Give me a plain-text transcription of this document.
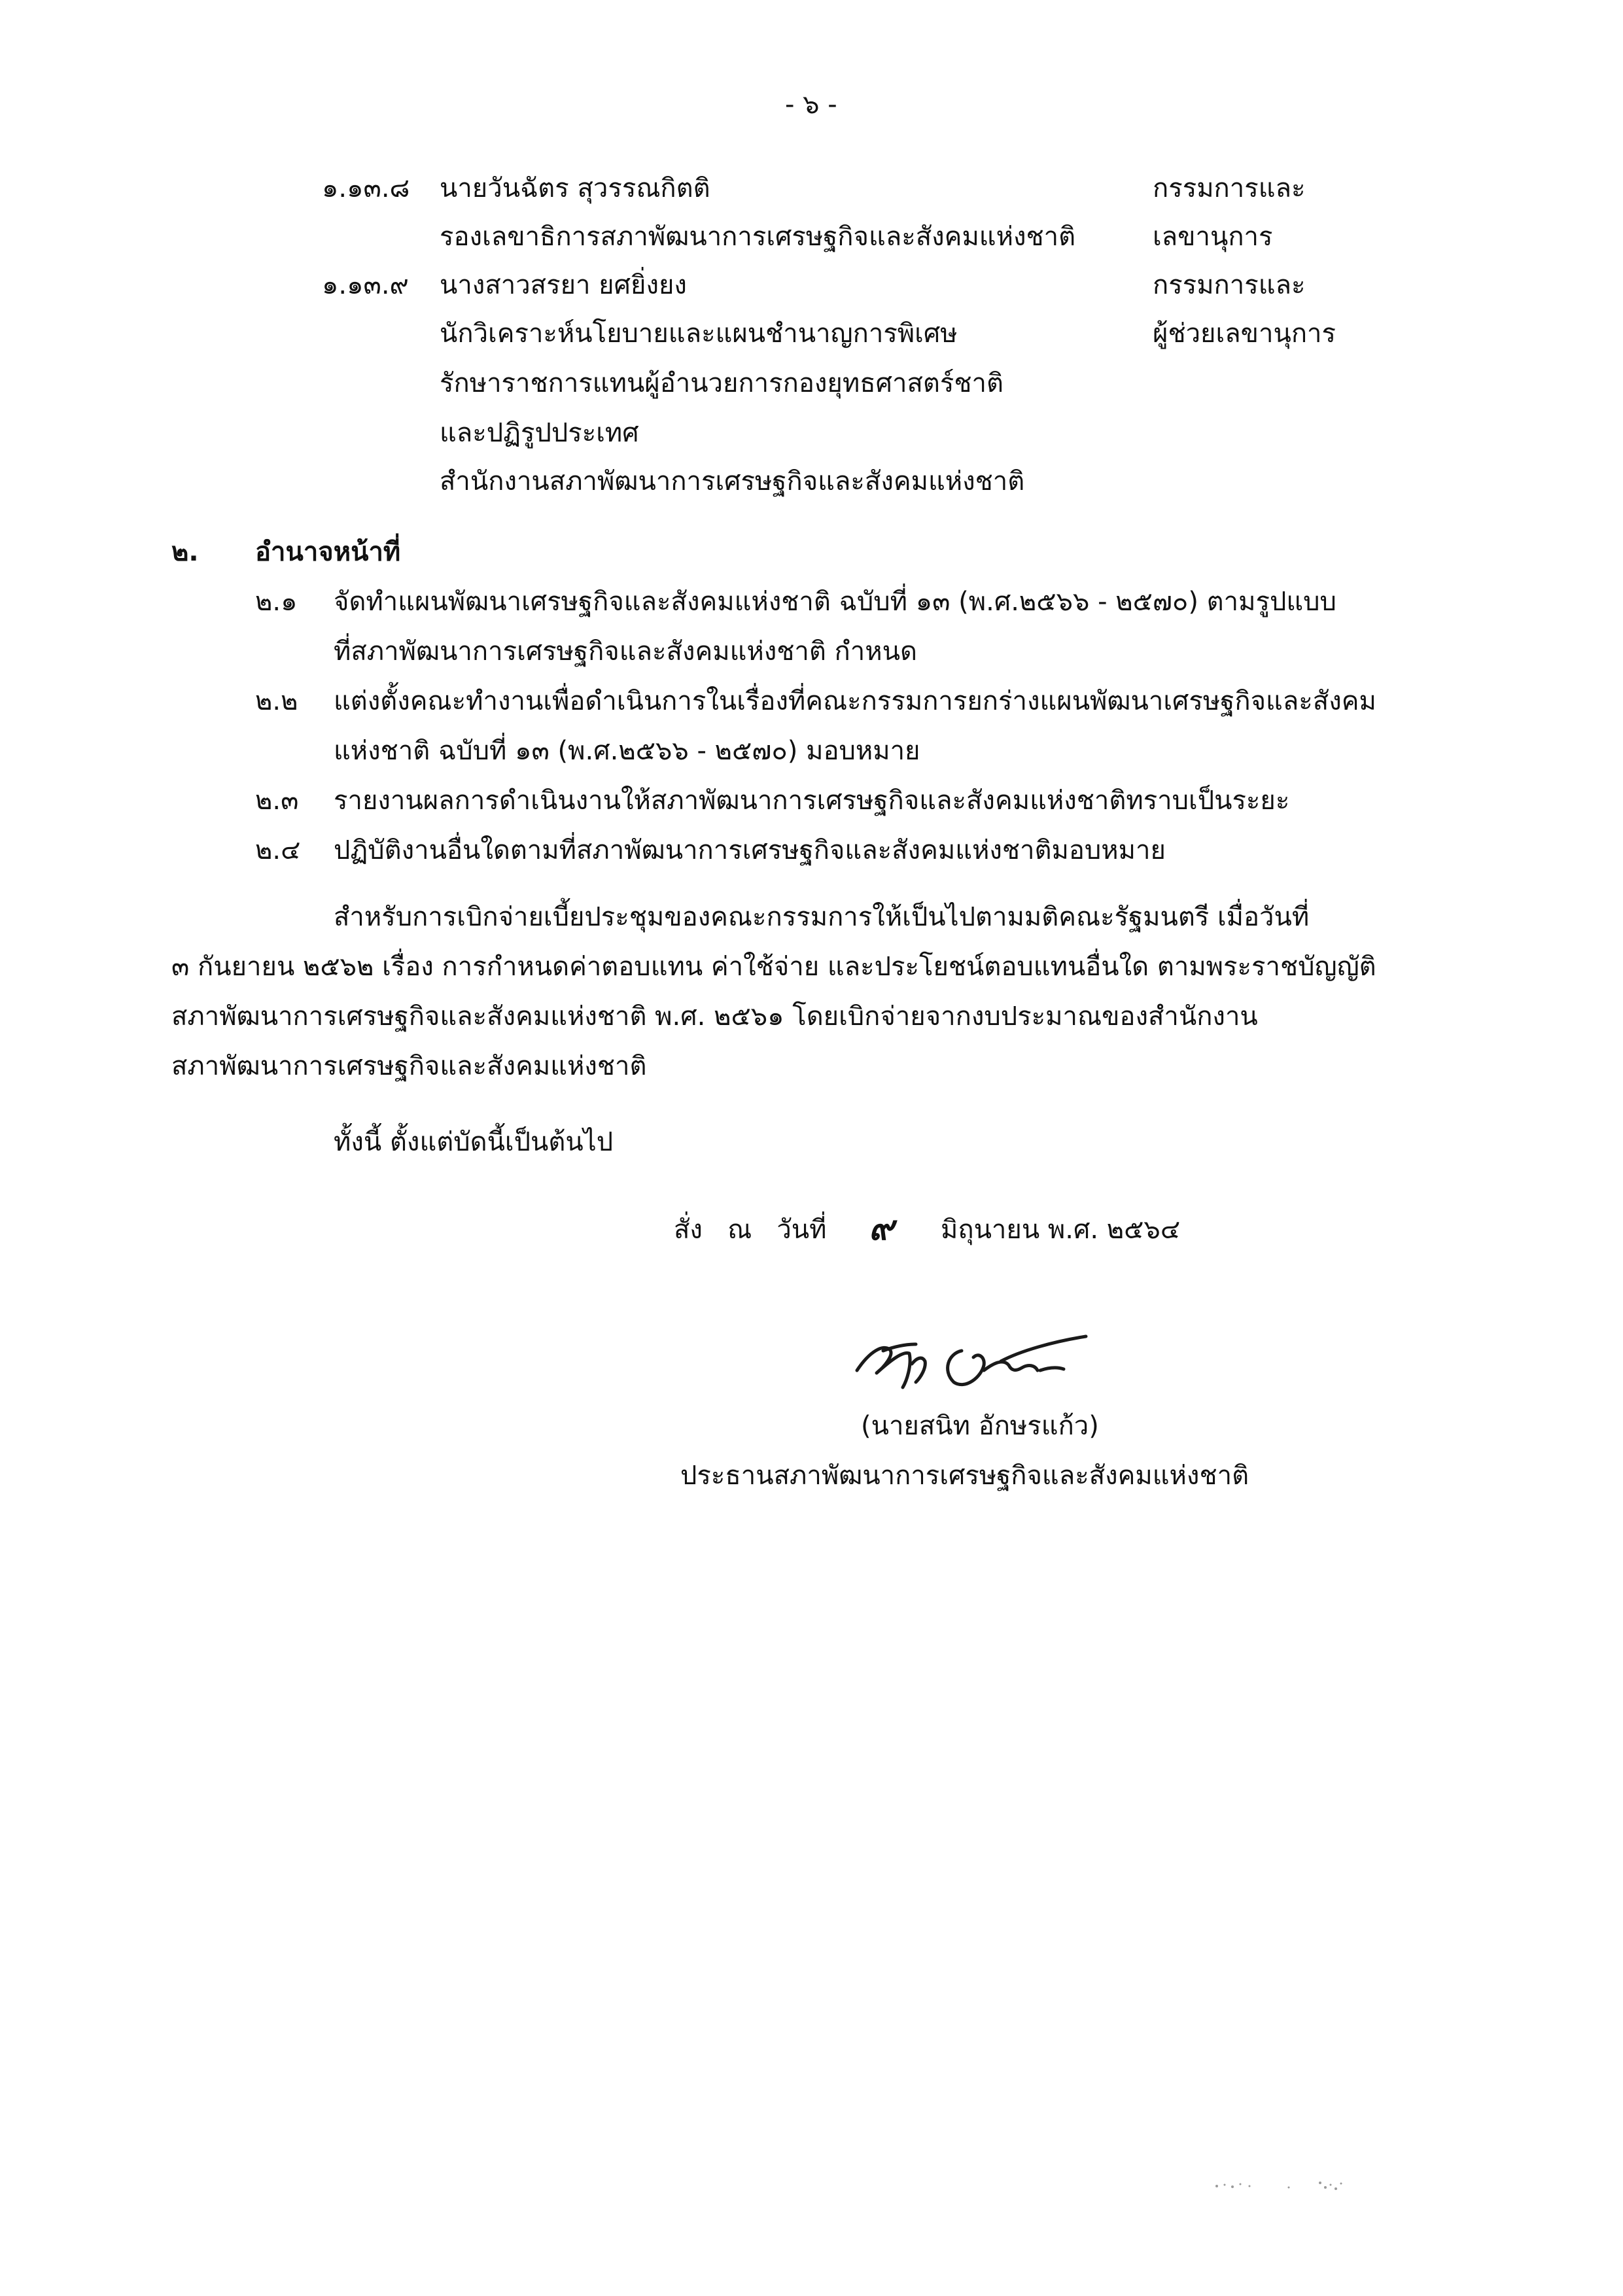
- ๖ -
๑.๑๓.๘ นายวันฉัตร สุวรรณกิตติ
รองเลขาธิการสภาพัฒนาการเศรษฐกิจและสังคมแห่งชาติ
กรรมการและ
เลขานุการ
๑.๑๓.๙ นางสาวสรยา ยศยิ่งยง
นักวิเคราะห์นโยบายและแผนชำนาญการพิเศษ
รักษาราชการแทนผู้อำนวยการกองยุทธศาสตร์ชาติ
และปฏิรูปประเทศ
สำนักงานสภาพัฒนาการเศรษฐกิจและสังคมแห่งชาติ
กรรมการและ
ผู้ช่วยเลขานุการ
๒. อำนาจหน้าที่
๒.๑ จัดทำแผนพัฒนาเศรษฐกิจและสังคมแห่งชาติ ฉบับที่ ๑๓ (พ.ศ.๒๕๖๖ - ๒๕๗๐) ตามรูปแบบ
ที่สภาพัฒนาการเศรษฐกิจและสังคมแห่งชาติ กำหนด
๒.๒ แต่งตั้งคณะทำงานเพื่อดำเนินการในเรื่องที่คณะกรรมการยกร่างแผนพัฒนาเศรษฐกิจและสังคม
แห่งชาติ ฉบับที่ ๑๓ (พ.ศ.๒๕๖๖ - ๒๕๗๐) มอบหมาย
๒.๓ รายงานผลการดำเนินงานให้สภาพัฒนาการเศรษฐกิจและสังคมแห่งชาติทราบเป็นระยะ
๒.๔ ปฏิบัติงานอื่นใดตามที่สภาพัฒนาการเศรษฐกิจและสังคมแห่งชาติมอบหมาย
สำหรับการเบิกจ่ายเบี้ยประชุมของคณะกรรมการให้เป็นไปตามมติคณะรัฐมนตรี เมื่อวันที่
๓ กันยายน ๒๕๖๒ เรื่อง การกำหนดค่าตอบแทน ค่าใช้จ่าย และประโยชน์ตอบแทนอื่นใด ตามพระราชบัญญัติ
สภาพัฒนาการเศรษฐกิจและสังคมแห่งชาติ พ.ศ. ๒๕๖๑ โดยเบิกจ่ายจากงบประมาณของสำนักงาน
สภาพัฒนาการเศรษฐกิจและสังคมแห่งชาติ
ทั้งนี้ ตั้งแต่บัดนี้เป็นต้นไป
สั่ง   ณ   วันที่ ๙ มิถุนายน พ.ศ. ๒๕๖๔
(นายสนิท อักษรแก้ว)
ประธานสภาพัฒนาการเศรษฐกิจและสังคมแห่งชาติ
